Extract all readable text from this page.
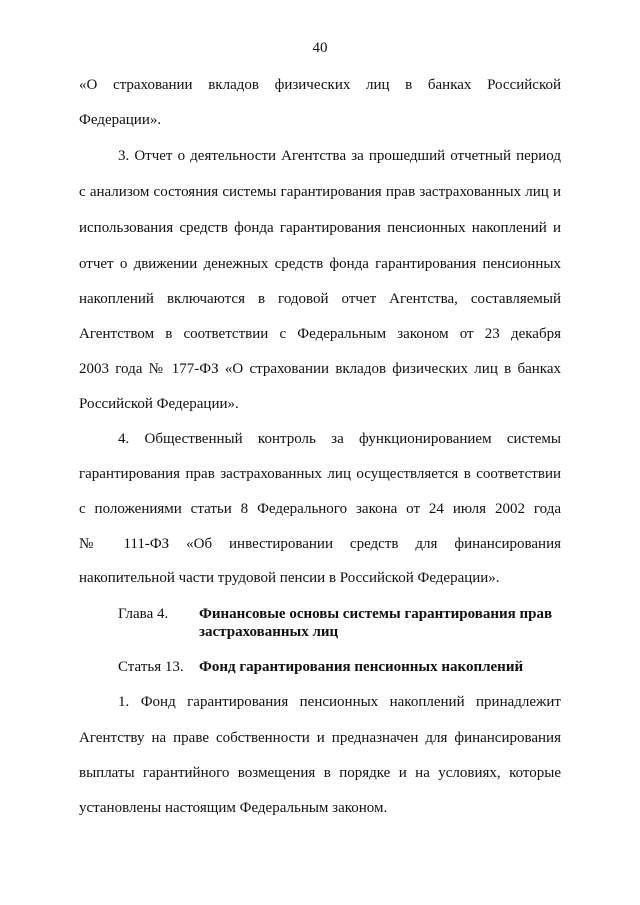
40
«О страховании вкладов физических лиц в банках Российской
Федерации».
3. Отчет о деятельности Агентства за прошедший отчетный период
с анализом состояния системы гарантирования прав застрахованных лиц и
использования средств фонда гарантирования пенсионных накоплений и
отчет о движении денежных средств фонда гарантирования пенсионных
накоплений включаются в годовой отчет Агентства, составляемый
Агентством в соответствии с Федеральным законом от 23 декабря
2003 года № 177-ФЗ «О страховании вкладов физических лиц в банках
Российской Федерации».
4. Общественный контроль за функционированием системы
гарантирования прав застрахованных лиц осуществляется в соответствии
с положениями статьи 8 Федерального закона от 24 июля 2002 года
№ 111-ФЗ «Об инвестировании средств для финансирования
накопительной части трудовой пенсии в Российской Федерации».
Глава 4. Финансовые основы системы гарантирования прав
застрахованных лиц
Статья 13. Фонд гарантирования пенсионных накоплений
1. Фонд гарантирования пенсионных накоплений принадлежит
Агентству на праве собственности и предназначен для финансирования
выплаты гарантийного возмещения в порядке и на условиях, которые
установлены настоящим Федеральным законом.
